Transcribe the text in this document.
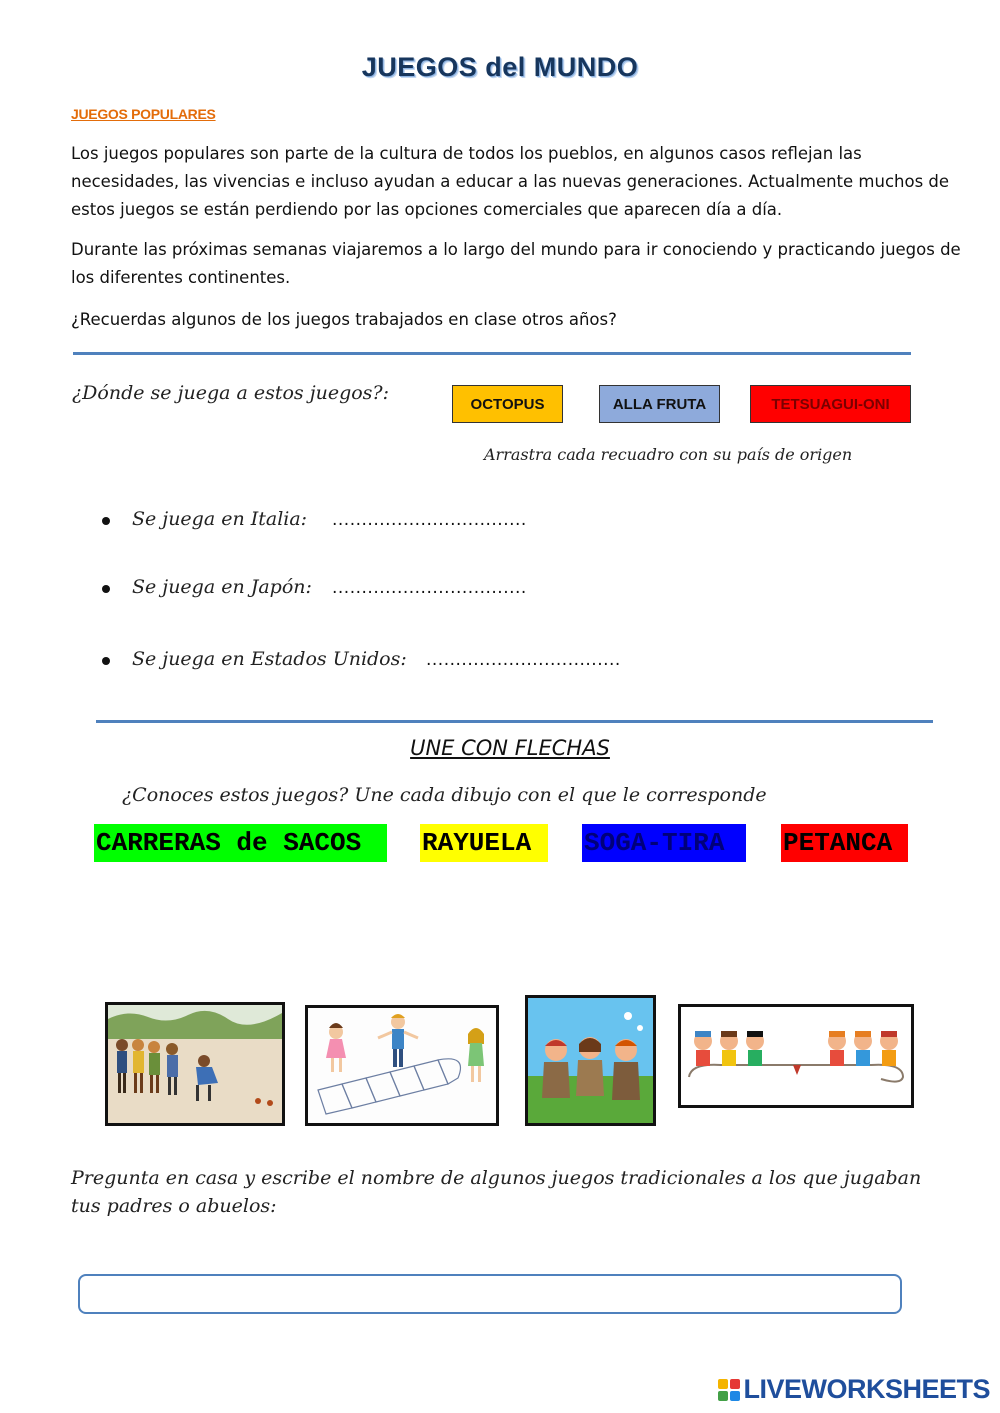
JUEGOS del MUNDO
JUEGOS POPULARES
Los juegos populares son parte de la cultura de todos los pueblos, en algunos casos reflejan las necesidades, las vivencias e incluso ayudan a educar a las nuevas generaciones. Actualmente muchos de estos juegos se están perdiendo por las opciones comerciales que aparecen día a día.
Durante las próximas semanas viajaremos a lo largo del mundo para ir conociendo y practicando juegos de los diferentes continentes.
¿Recuerdas algunos de los juegos trabajados en clase otros años?
¿Dónde se juega a estos juegos?:	OCTOPUS	ALLA FRUTA	TETSUAGUI-ONI
Arrastra cada recuadro con su país de origen
Se juega en Italia: .................................
Se juega en Japón: .................................
Se juega en Estados Unidos: .................................
UNE CON FLECHAS
¿Conoces estos juegos? Une cada dibujo con el que le corresponde
CARRERAS de SACOS	RAYUELA	SOGA-TIRA	PETANCA
Pregunta en casa y escribe el nombre de algunos juegos tradicionales a los que jugaban tus padres o abuelos:
LIVEWORKSHEETS
